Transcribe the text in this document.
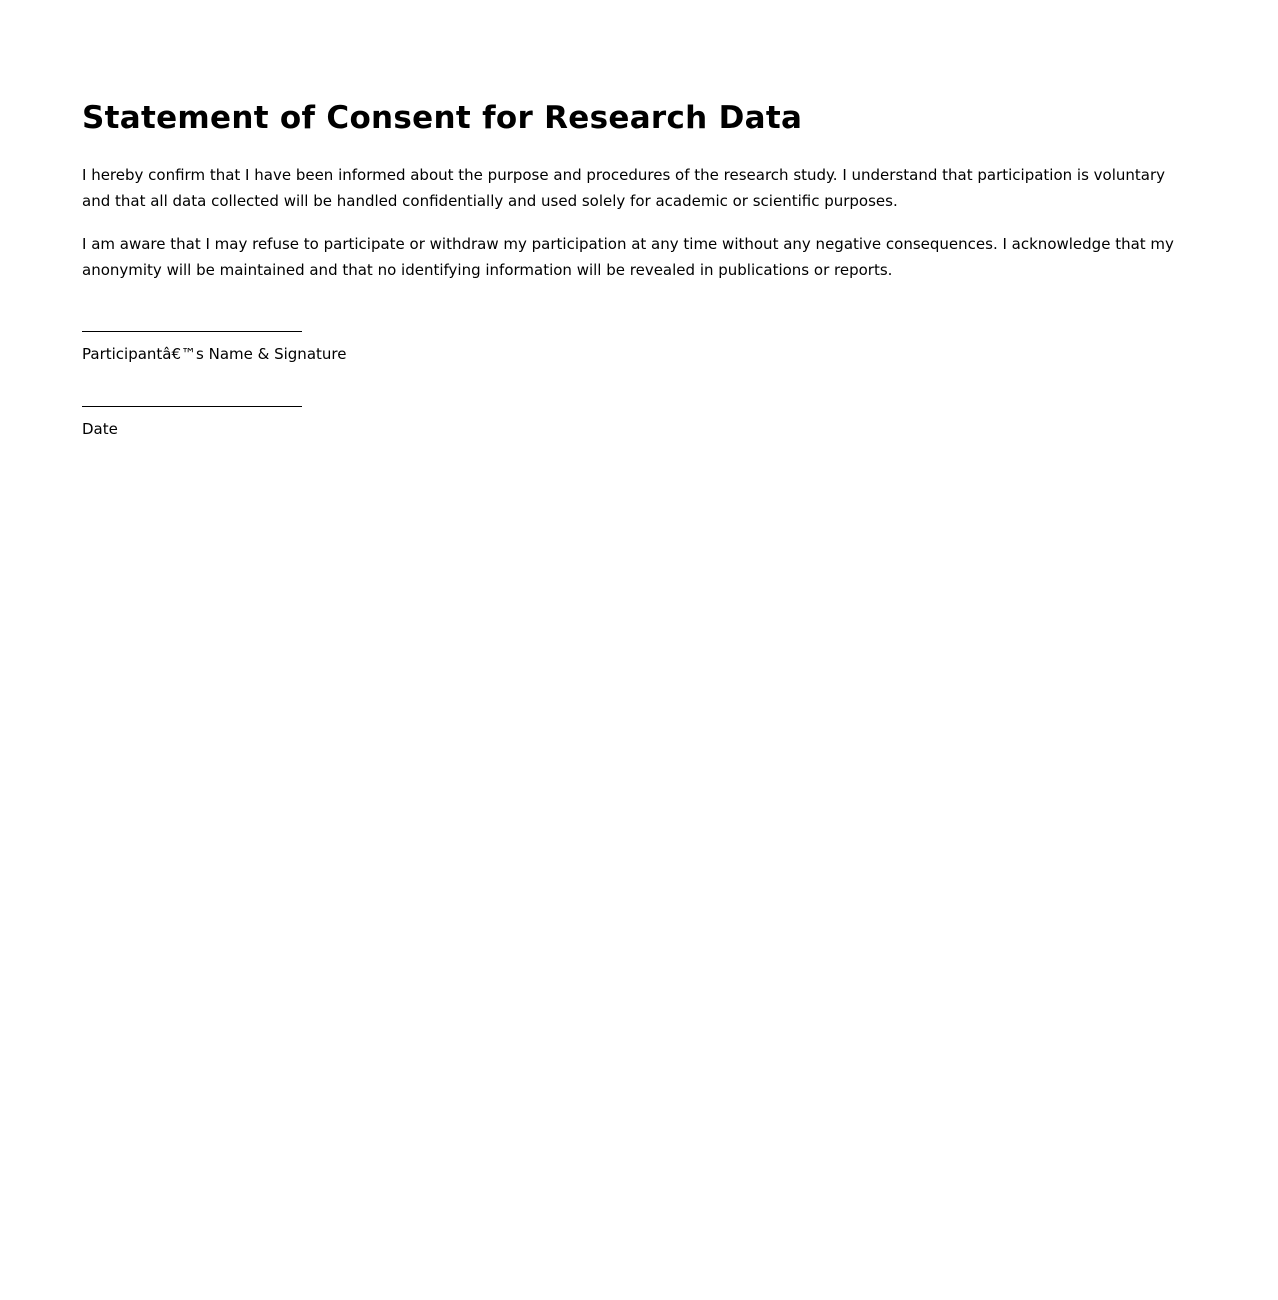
Statement of Consent for Research Data

I hereby confirm that I have been informed about the purpose and procedures of the research study. I understand that participation is voluntary and that all data collected will be handled confidentially and used solely for academic or scientific purposes.

I am aware that I may refuse to participate or withdraw my participation at any time without any negative consequences. I acknowledge that my anonymity will be maintained and that no identifying information will be revealed in publications or reports.

Participantâ€™s Name & Signature
Date
